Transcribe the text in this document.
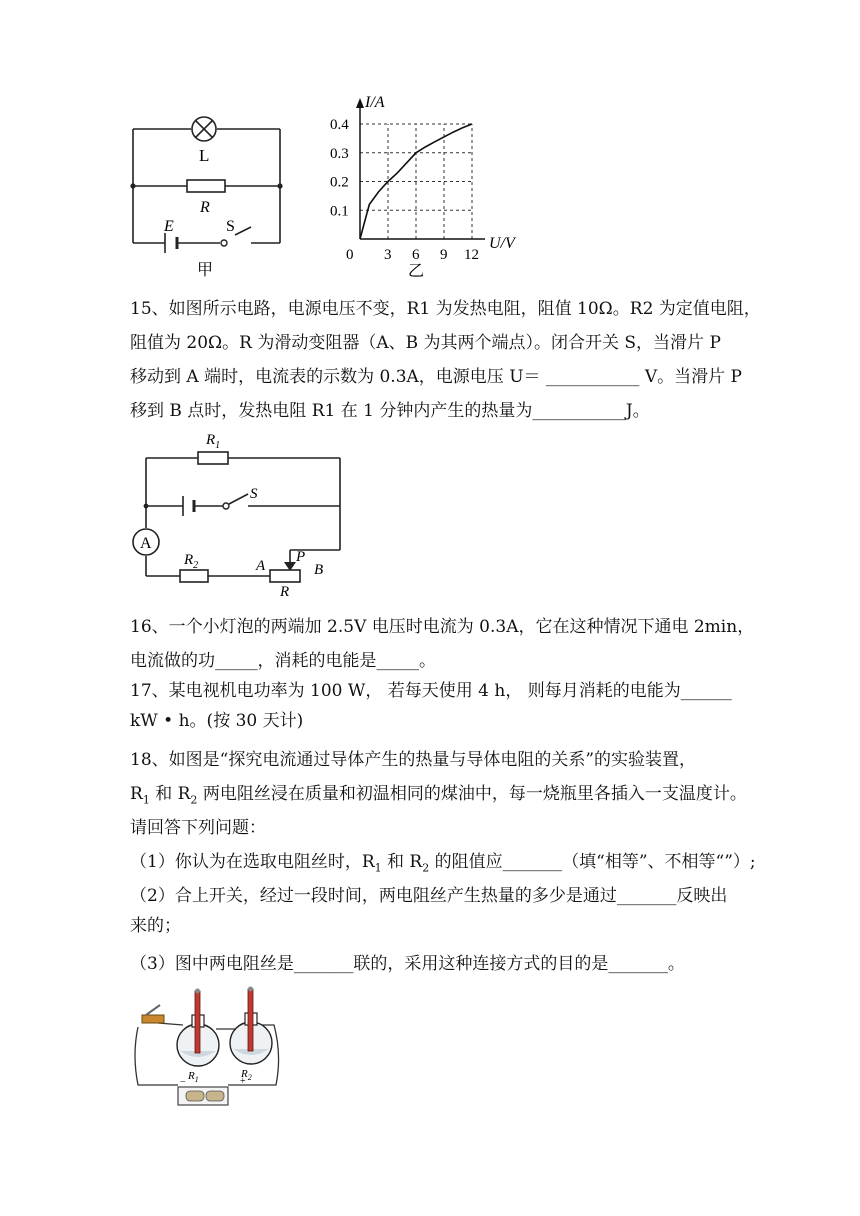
L
R
E	S
甲
0 3 6 9 12
0.1
0.2
0.3
0.4
I/A
U/V
乙
15、如图所示电路，电源电压不变，R1 为发热电阻，阻值 10Ω。R2 为定值电阻，
阻值为 20Ω。R 为滑动变阻器（A、B 为其两个端点）。闭合开关 S，当滑片 P
移动到 A 端时，电流表的示数为 0.3A，电源电压 U＝ ___________ V。当滑片 P
移到 B 点时，发热电阻 R1 在 1 分钟内产生的热量为___________J。
A
$R_1$
S
$R_2$	A	B
P
R
16、一个小灯泡的两端加 2.5V 电压时电流为 0.3A，它在这种情况下通电 2min，
电流做的功_____，消耗的电能是_____。
17、某电视机电功率为 100 W， 若每天使用 4 h， 则每月消耗的电能为______
kW • h。(按 30 天计)
18、如图是“探究电流通过导体产生的热量与导体电阻的关系”的实验装置，
$R_1$ 和 $R_2$ 两电阻丝浸在质量和初温相同的煤油中，每一烧瓶里各插入一支温度计。
请回答下列问题：
（1）你认为在选取电阻丝时，$R_1$ 和 $R_2$ 的阻值应_______（填“相等”、不相等“”）;
（2）合上开关，经过一段时间，两电阻丝产生热量的多少是通过_______反映出
来的；
（3）图中两电阻丝是_______联的，采用这种连接方式的目的是_______。
$R_1$	$R_2$
−	+
